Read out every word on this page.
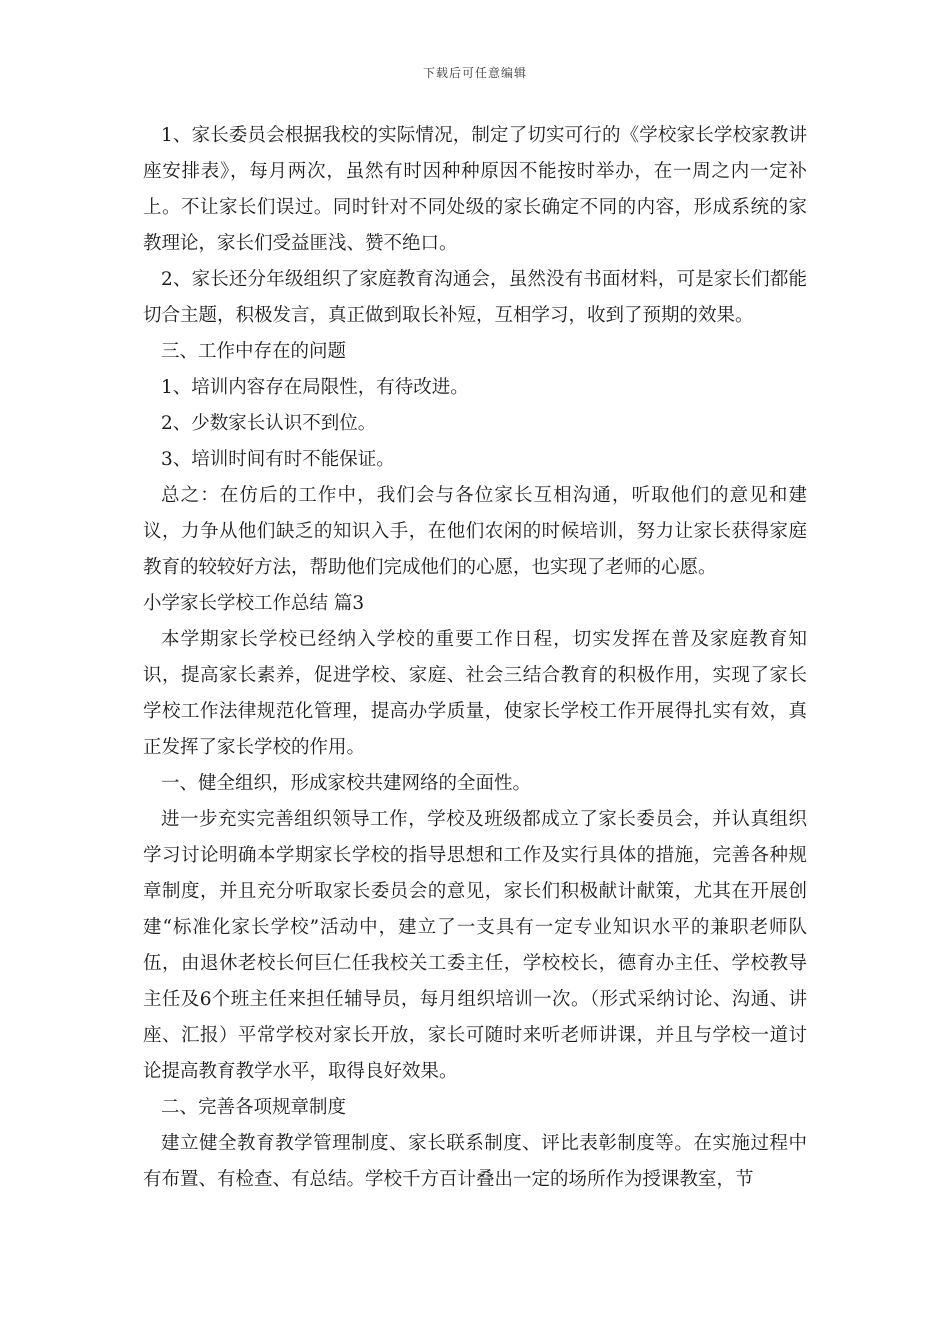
下载后可任意编辑

1、家长委员会根据我校的实际情况，制定了切实可行的《学校家长学校家教讲座安排表》，每月两次，虽然有时因种种原因不能按时举办，在一周之内一定补上。不让家长们误过。同时针对不同处级的家长确定不同的内容，形成系统的家教理论，家长们受益匪浅、赞不绝口。

2、家长还分年级组织了家庭教育沟通会，虽然没有书面材料，可是家长们都能切合主题，积极发言，真正做到取长补短，互相学习，收到了预期的效果。

三、工作中存在的问题

1、培训内容存在局限性，有待改进。

2、少数家长认识不到位。

3、培训时间有时不能保证。

总之：在仿后的工作中，我们会与各位家长互相沟通，听取他们的意见和建议，力争从他们缺乏的知识入手，在他们农闲的时候培训，努力让家长获得家庭教育的较较好方法，帮助他们完成他们的心愿，也实现了老师的心愿。

小学家长学校工作总结 篇3

本学期家长学校已经纳入学校的重要工作日程，切实发挥在普及家庭教育知识，提高家长素养，促进学校、家庭、社会三结合教育的积极作用，实现了家长学校工作法律规范化管理，提高办学质量，使家长学校工作开展得扎实有效，真正发挥了家长学校的作用。

一、健全组织，形成家校共建网络的全面性。

进一步充实完善组织领导工作，学校及班级都成立了家长委员会，并认真组织学习讨论明确本学期家长学校的指导思想和工作及实行具体的措施，完善各种规章制度，并且充分听取家长委员会的意见，家长们积极献计献策，尤其在开展创建“标准化家长学校”活动中，建立了一支具有一定专业知识水平的兼职老师队伍，由退休老校长何巨仁任我校关工委主任，学校校长，德育办主任、学校教导主任及6个班主任来担任辅导员，每月组织培训一次。（形式采纳讨论、沟通、讲座、汇报）平常学校对家长开放，家长可随时来听老师讲课，并且与学校一道讨论提高教育教学水平，取得良好效果。

二、完善各项规章制度

建立健全教育教学管理制度、家长联系制度、评比表彰制度等。在实施过程中有布置、有检查、有总结。学校千方百计叠出一定的场所作为授课教室，节
